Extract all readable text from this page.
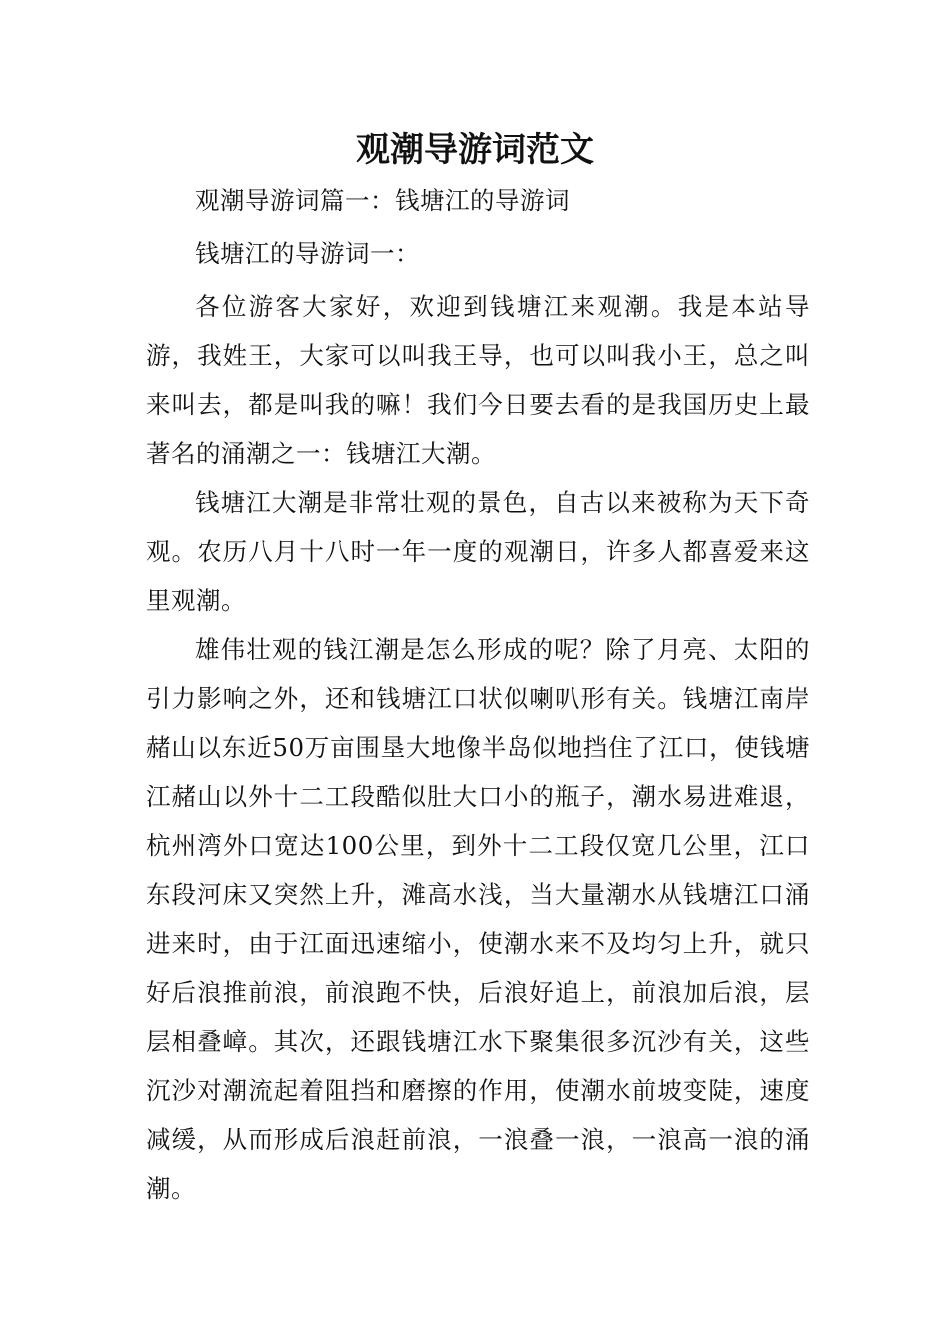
观潮导游词范文

观潮导游词篇一：钱塘江的导游词

钱塘江的导游词一：

各位游客大家好，欢迎到钱塘江来观潮。我是本站导游，我姓王，大家可以叫我王导，也可以叫我小王，总之叫来叫去，都是叫我的嘛！我们今日要去看的是我国历史上最著名的涌潮之一：钱塘江大潮。

钱塘江大潮是非常壮观的景色，自古以来被称为天下奇观。农历八月十八时一年一度的观潮日，许多人都喜爱来这里观潮。

雄伟壮观的钱江潮是怎么形成的呢？除了月亮、太阳的引力影响之外，还和钱塘江口状似喇叭形有关。钱塘江南岸赭山以东近50万亩围垦大地像半岛似地挡住了江口，使钱塘江赭山以外十二工段酷似肚大口小的瓶子，潮水易进难退，杭州湾外口宽达100公里，到外十二工段仅宽几公里，江口东段河床又突然上升，滩高水浅，当大量潮水从钱塘江口涌进来时，由于江面迅速缩小，使潮水来不及均匀上升，就只好后浪推前浪，前浪跑不快，后浪好追上，前浪加后浪，层层相叠嶂。其次，还跟钱塘江水下聚集很多沉沙有关，这些沉沙对潮流起着阻挡和磨擦的作用，使潮水前坡变陡，速度减缓，从而形成后浪赶前浪，一浪叠一浪，一浪高一浪的涌潮。
